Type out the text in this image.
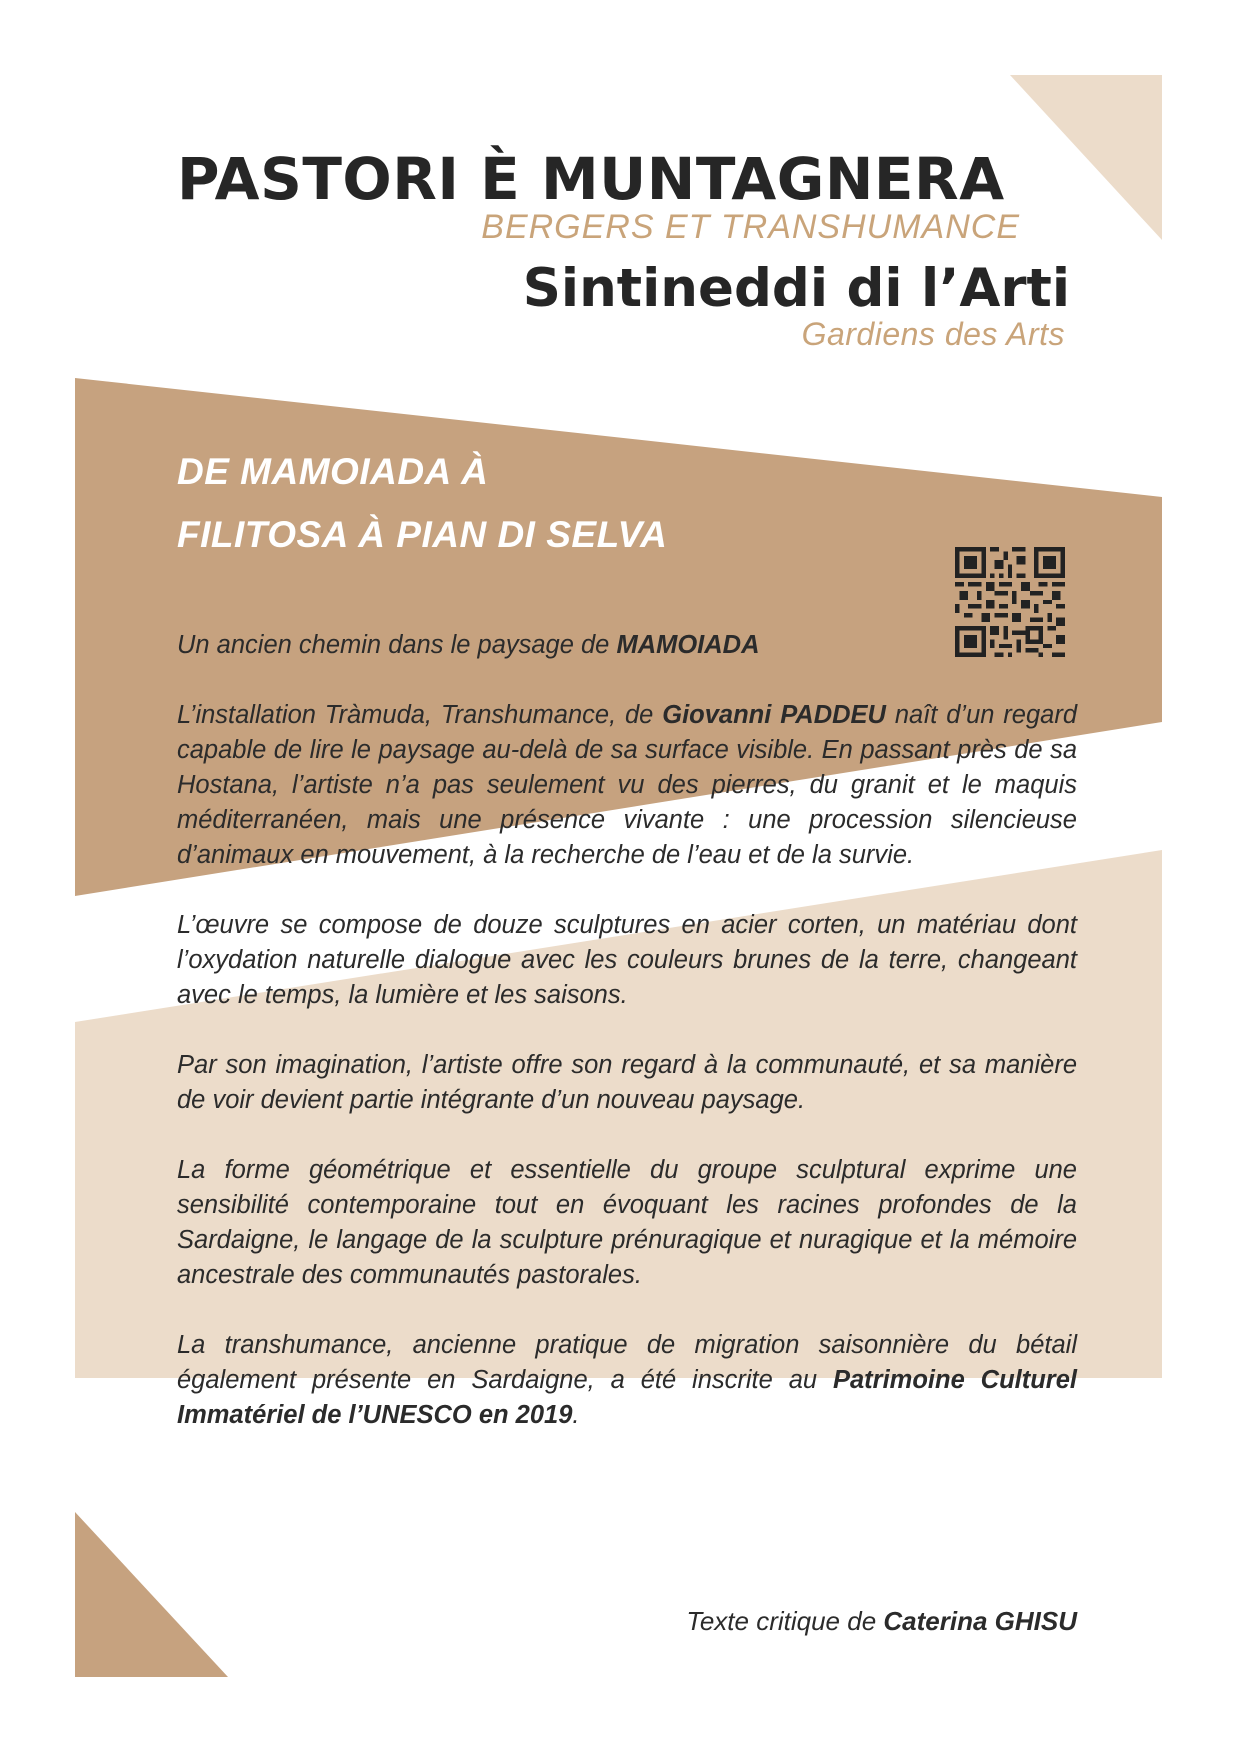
PASTORI È MUNTAGNERA
BERGERS ET TRANSHUMANCE
Sintineddi di l’Arti
Gardiens des Arts
DE MAMOIADA À
FILITOSA À PIAN DI SELVA

Un ancien chemin dans le paysage de MAMOIADA

L’installation Tràmuda, Transhumance, de Giovanni PADDEU naît d’un regard capable de lire le paysage au-delà de sa surface visible. En passant près de sa Hostana, l’artiste n’a pas seulement vu des pierres, du granit et le maquis méditerranéen, mais une présence vivante : une procession silencieuse d’animaux en mouvement, à la recherche de l’eau et de la survie.

L’œuvre se compose de douze sculptures en acier corten, un matériau dont l’oxydation naturelle dialogue avec les couleurs brunes de la terre, changeant avec le temps, la lumière et les saisons.

Par son imagination, l’artiste offre son regard à la communauté, et sa manière de voir devient partie intégrante d’un nouveau paysage.

La forme géométrique et essentielle du groupe sculptural exprime une sensibilité contemporaine tout en évoquant les racines profondes de la Sardaigne, le langage de la sculpture prénuragique et nuragique et la mémoire ancestrale des communautés pastorales.

La transhumance, ancienne pratique de migration saisonnière du bétail également présente en Sardaigne, a été inscrite au Patrimoine Culturel Immatériel de l’UNESCO en 2019.

Texte critique de Caterina GHISU
